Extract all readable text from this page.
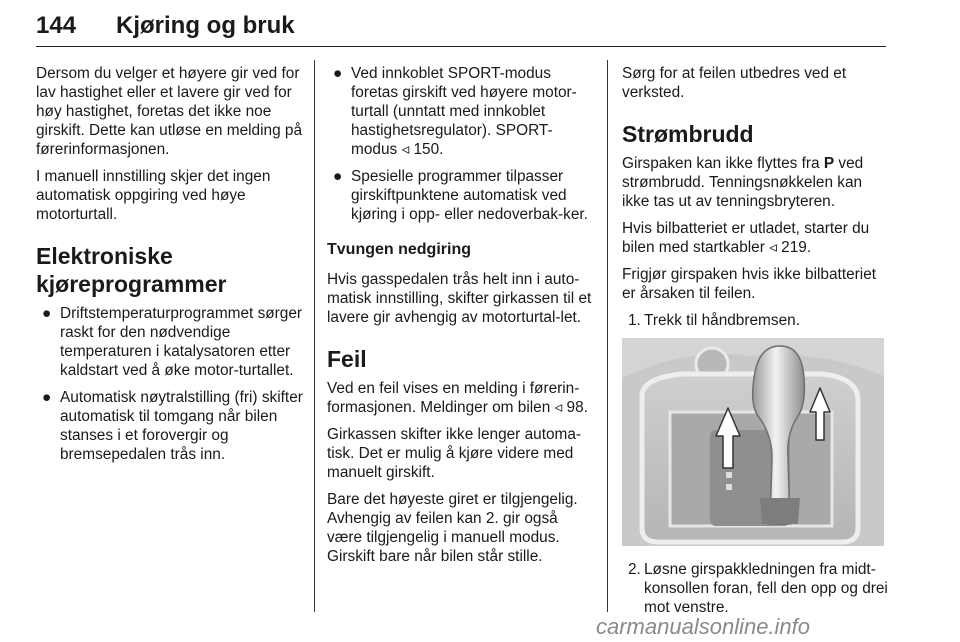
144 Kjøring og bruk

Dersom du velger et høyere gir ved for lav hastighet eller et lavere gir ved for høy hastighet, foretas det ikke noe girskift. Dette kan utløse en melding på førerinformasjonen.

I manuell innstilling skjer det ingen automatisk oppgiring ved høye motorturtall.

Elektroniske kjøreprogrammer
● Driftstemperaturprogrammet sørger raskt for den nødvendige temperaturen i katalysatoren etter kaldstart ved å øke motor-turtallet.
● Automatisk nøytralstilling (fri) skifter automatisk til tomgang når bilen stanses i et forovergir og bremsepedalen trås inn.
● Ved innkoblet SPORT-modus foretas girskift ved høyere motor-turtall (unntatt med innkoblet hastighetsregulator). SPORT-modus ◃ 150.
● Spesielle programmer tilpasser girskiftpunktene automatisk ved kjøring i opp- eller nedoverbak-ker.
Tvungen nedgiring

Hvis gasspedalen trås helt inn i auto-matisk innstilling, skifter girkassen til et lavere gir avhengig av motorturtal-let.

Feil

Ved en feil vises en melding i førerin-formasjonen. Meldinger om bilen ◃ 98.

Girkassen skifter ikke lenger automa-tisk. Det er mulig å kjøre videre med manuelt girskift.

Bare det høyeste giret er tilgjengelig. Avhengig av feilen kan 2. gir også være tilgjengelig i manuell modus. Girskift bare når bilen står stille.

Sørg for at feilen utbedres ved et verksted.

Strømbrudd

Girspaken kan ikke flyttes fra P ved strømbrudd. Tenningsnøkkelen kan ikke tas ut av tenningsbryteren.

Hvis bilbatteriet er utladet, starter du bilen med startkabler ◃ 219.

Frigjør girspaken hvis ikke bilbatteriet er årsaken til feilen.

1. Trekk til håndbremsen.
2. Løsne girspakkledningen fra midt-konsollen foran, fell den opp og drei mot venstre.
carmanualsonline.info
